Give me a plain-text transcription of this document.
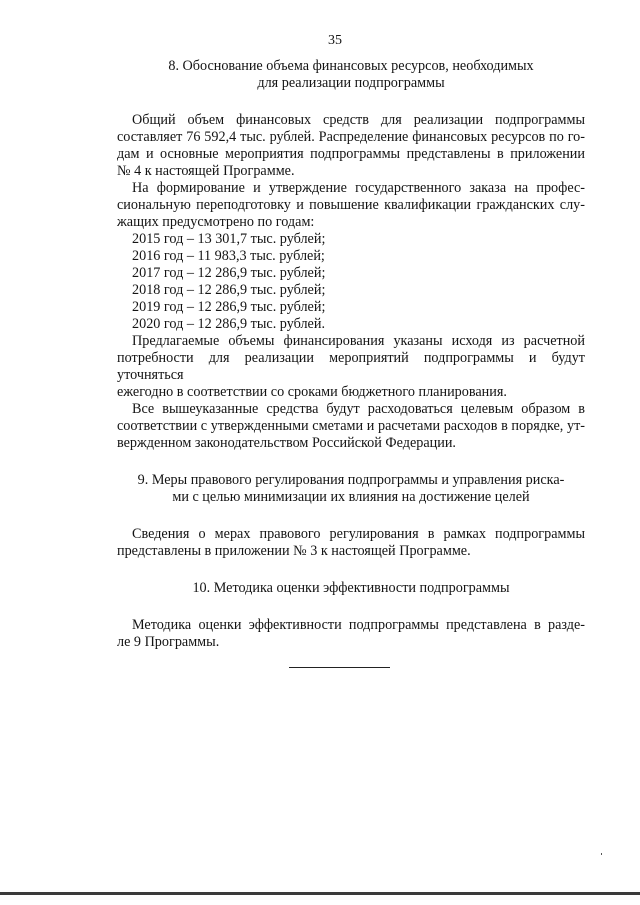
35
8. Обоснование объема финансовых ресурсов, необходимых
для реализации подпрограммы
Общий объем финансовых средств для реализации подпрограммы
составляет 76 592,4 тыс. рублей. Распределение финансовых ресурсов по го-
дам и основные мероприятия подпрограммы представлены в приложении
№ 4 к настоящей Программе.
На формирование и утверждение государственного заказа на профес-
сиональную переподготовку и повышение квалификации гражданских слу-
жащих предусмотрено по годам:
2015 год – 13 301,7 тыс. рублей;
2016 год – 11 983,3 тыс. рублей;
2017 год – 12 286,9 тыс. рублей;
2018 год – 12 286,9 тыс. рублей;
2019 год – 12 286,9 тыс. рублей;
2020 год – 12 286,9 тыс. рублей.
Предлагаемые объемы финансирования указаны исходя из расчетной
потребности для реализации мероприятий подпрограммы и будут уточняться
ежегодно в соответствии со сроками бюджетного планирования.
Все вышеуказанные средства будут расходоваться целевым образом в
соответствии с утвержденными сметами и расчетами расходов в порядке, ут-
вержденном законодательством Российской Федерации.
9. Меры правового регулирования подпрограммы и управления риска-
ми с целью минимизации их влияния на достижение целей
Сведения о мерах правового регулирования в рамках подпрограммы
представлены в приложении № 3 к настоящей Программе.
10. Методика оценки эффективности подпрограммы
Методика оценки эффективности подпрограммы представлена в разде-
ле 9 Программы.
